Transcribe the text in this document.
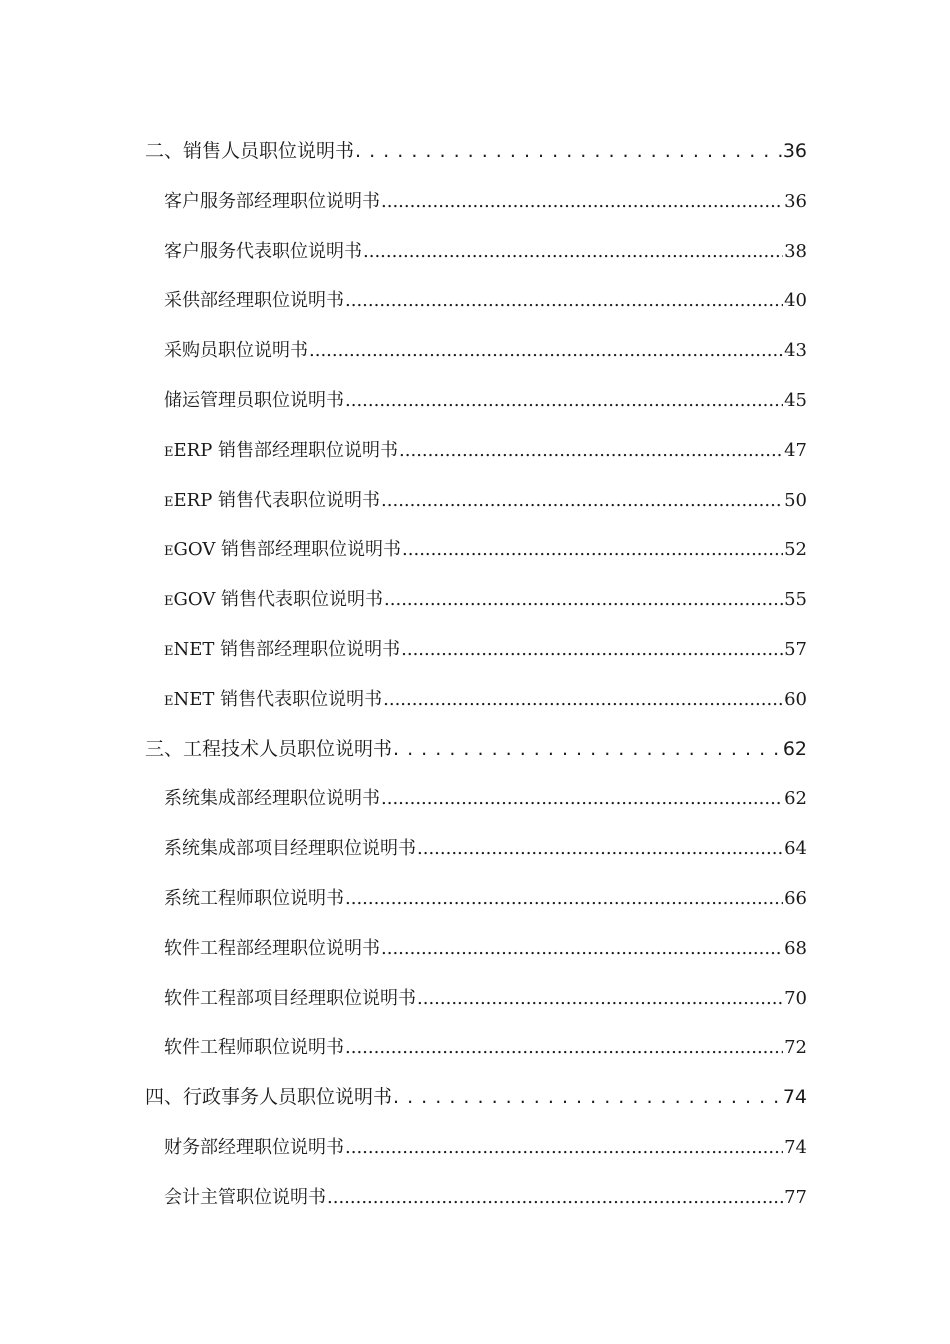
二、销售人员职位说明书 . . .	36
客户服务部经理职位说明书 .....	36
客户服务代表职位说明书 .....	38
采供部经理职位说明书 .....	40
采购员职位说明书 .....	43
储运管理员职位说明书 .....	45
EERP 销售部经理职位说明书 .....	47
EERP 销售代表职位说明书 .....	50
EGOV 销售部经理职位说明书 .....	52
EGOV 销售代表职位说明书 .....	55
ENET 销售部经理职位说明书 .....	57
ENET 销售代表职位说明书 .....	60
三、工程技术人员职位说明书 . . .	62
系统集成部经理职位说明书 .....	62
系统集成部项目经理职位说明书 .....	64
系统工程师职位说明书 .....	66
软件工程部经理职位说明书 .....	68
软件工程部项目经理职位说明书 .....	70
软件工程师职位说明书 .....	72
四、行政事务人员职位说明书 . . .	74
财务部经理职位说明书 .....	74
会计主管职位说明书 .....	77
